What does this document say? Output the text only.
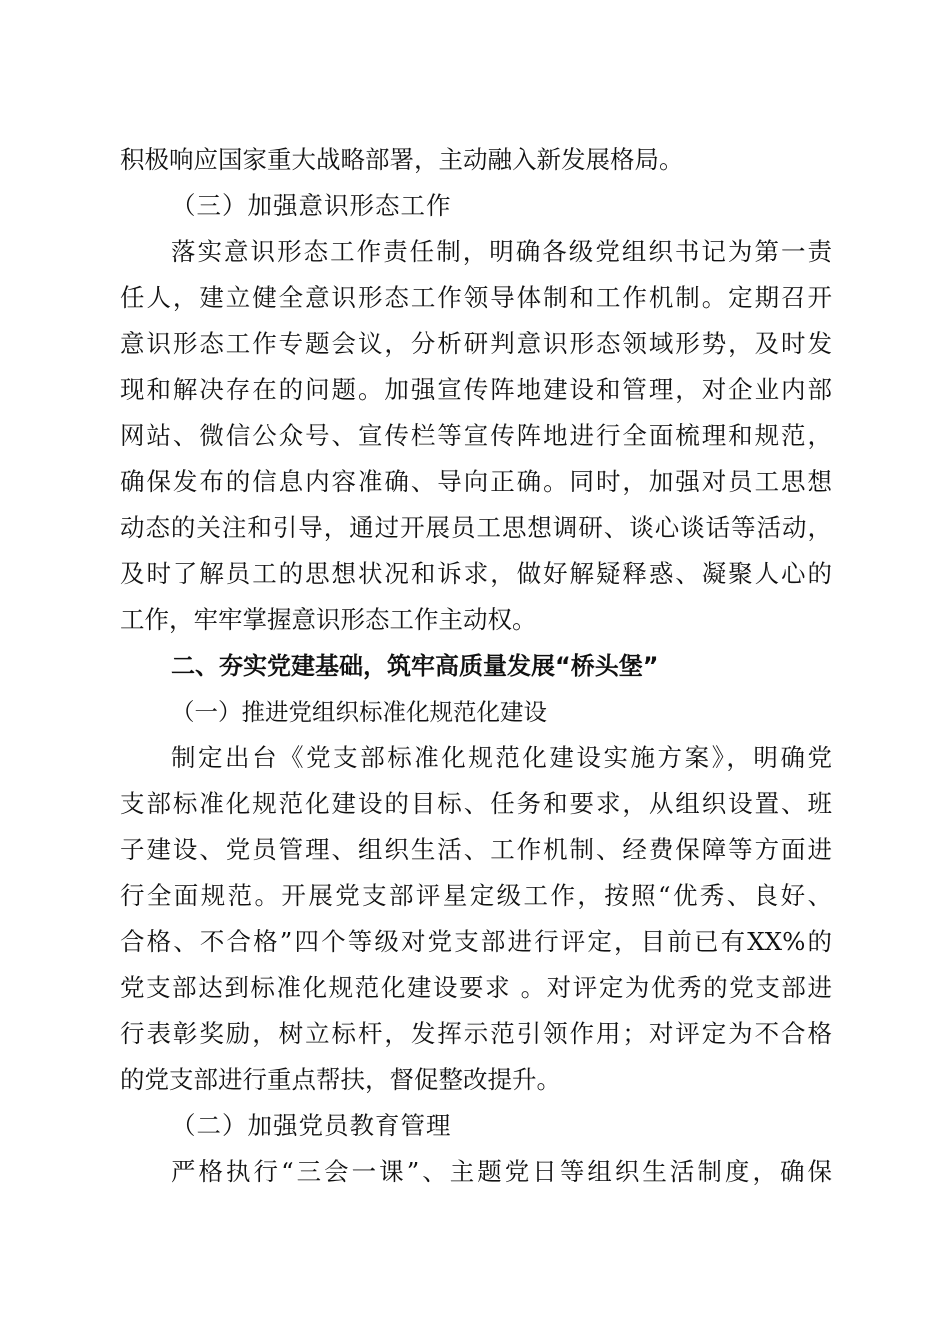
积极响应国家重大战略部署，主动融入新发展格局。
（三）加强意识形态工作
落实意识形态工作责任制，明确各级党组织书记为第一责
任人，建立健全意识形态工作领导体制和工作机制。定期召开
意识形态工作专题会议，分析研判意识形态领域形势，及时发
现和解决存在的问题。加强宣传阵地建设和管理，对企业内部
网站、微信公众号、宣传栏等宣传阵地进行全面梳理和规范，
确保发布的信息内容准确、导向正确。同时，加强对员工思想
动态的关注和引导，通过开展员工思想调研、谈心谈话等活动，
及时了解员工的思想状况和诉求，做好解疑释惑、凝聚人心的
工作，牢牢掌握意识形态工作主动权。
二、夯实党建基础，筑牢高质量发展“桥头堡”
（一）推进党组织标准化规范化建设
制定出台《党支部标准化规范化建设实施方案》，明确党
支部标准化规范化建设的目标、任务和要求，从组织设置、班
子建设、党员管理、组织生活、工作机制、经费保障等方面进
行全面规范。开展党支部评星定级工作，按照“优秀、良好、
合格、不合格”四个等级对党支部进行评定，目前已有XX%的
党支部达到标准化规范化建设要求 。对评定为优秀的党支部进
行表彰奖励，树立标杆，发挥示范引领作用；对评定为不合格
的党支部进行重点帮扶，督促整改提升。
（二）加强党员教育管理
严格执行“三会一课”、主题党日等组织生活制度，确保
